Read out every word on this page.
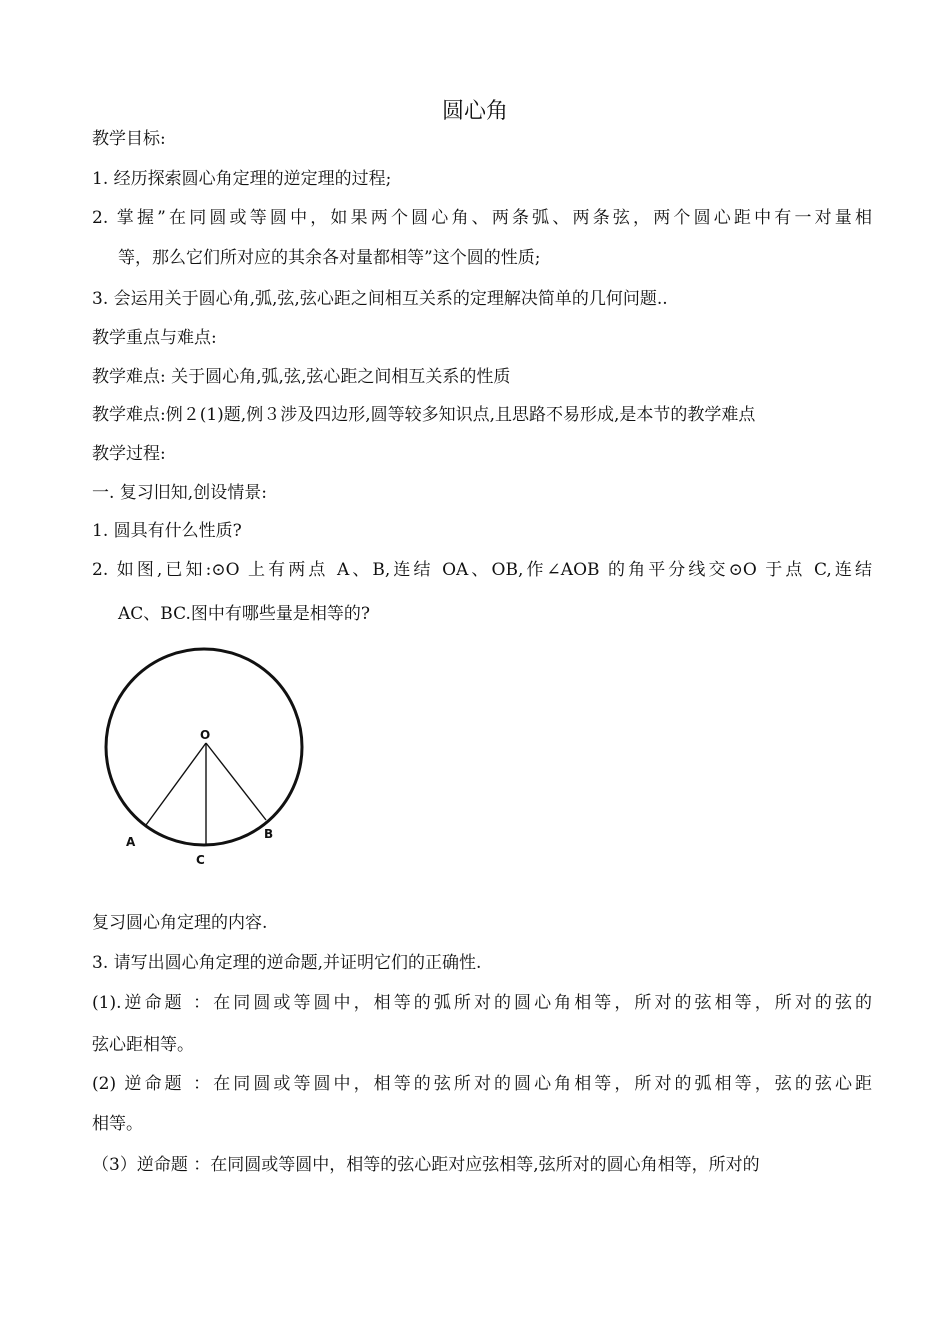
圆心角
教学目标:
1. 经历探索圆心角定理的逆定理的过程;
2. 掌握”在同圆或等圆中，如果两个圆心角、两条弧、两条弦，两个圆心距中有一对量相
等，那么它们所对应的其余各对量都相等”这个圆的性质;
3. 会运用关于圆心角,弧,弦,弦心距之间相互关系的定理解决简单的几何问题..
教学重点与难点:
教学难点: 关于圆心角,弧,弦,弦心距之间相互关系的性质
教学难点:例２(1)题,例３涉及四边形,圆等较多知识点,且思路不易形成,是本节的教学难点
教学过程:
一. 复习旧知,创设情景:
1. 圆具有什么性质?
2. 如图,已知:⊙O 上有两点 A、B,连结 OA、OB,作∠AOB 的角平分线交⊙O 于点 C,连结
AC、BC.图中有哪些量是相等的?
O
A
B
C
复习圆心角定理的内容.
3. 请写出圆心角定理的逆命题,并证明它们的正确性.
(1).逆命题 ：在同圆或等圆中，相等的弧所对的圆心角相等，所对的弦相等，所对的弦的
弦心距相等。
(2) 逆命题 ：在同圆或等圆中，相等的弦所对的圆心角相等，所对的弧相等，弦的弦心距
相等。
（3）逆命题 ：在同圆或等圆中，相等的弦心距对应弦相等,弦所对的圆心角相等，所对的
